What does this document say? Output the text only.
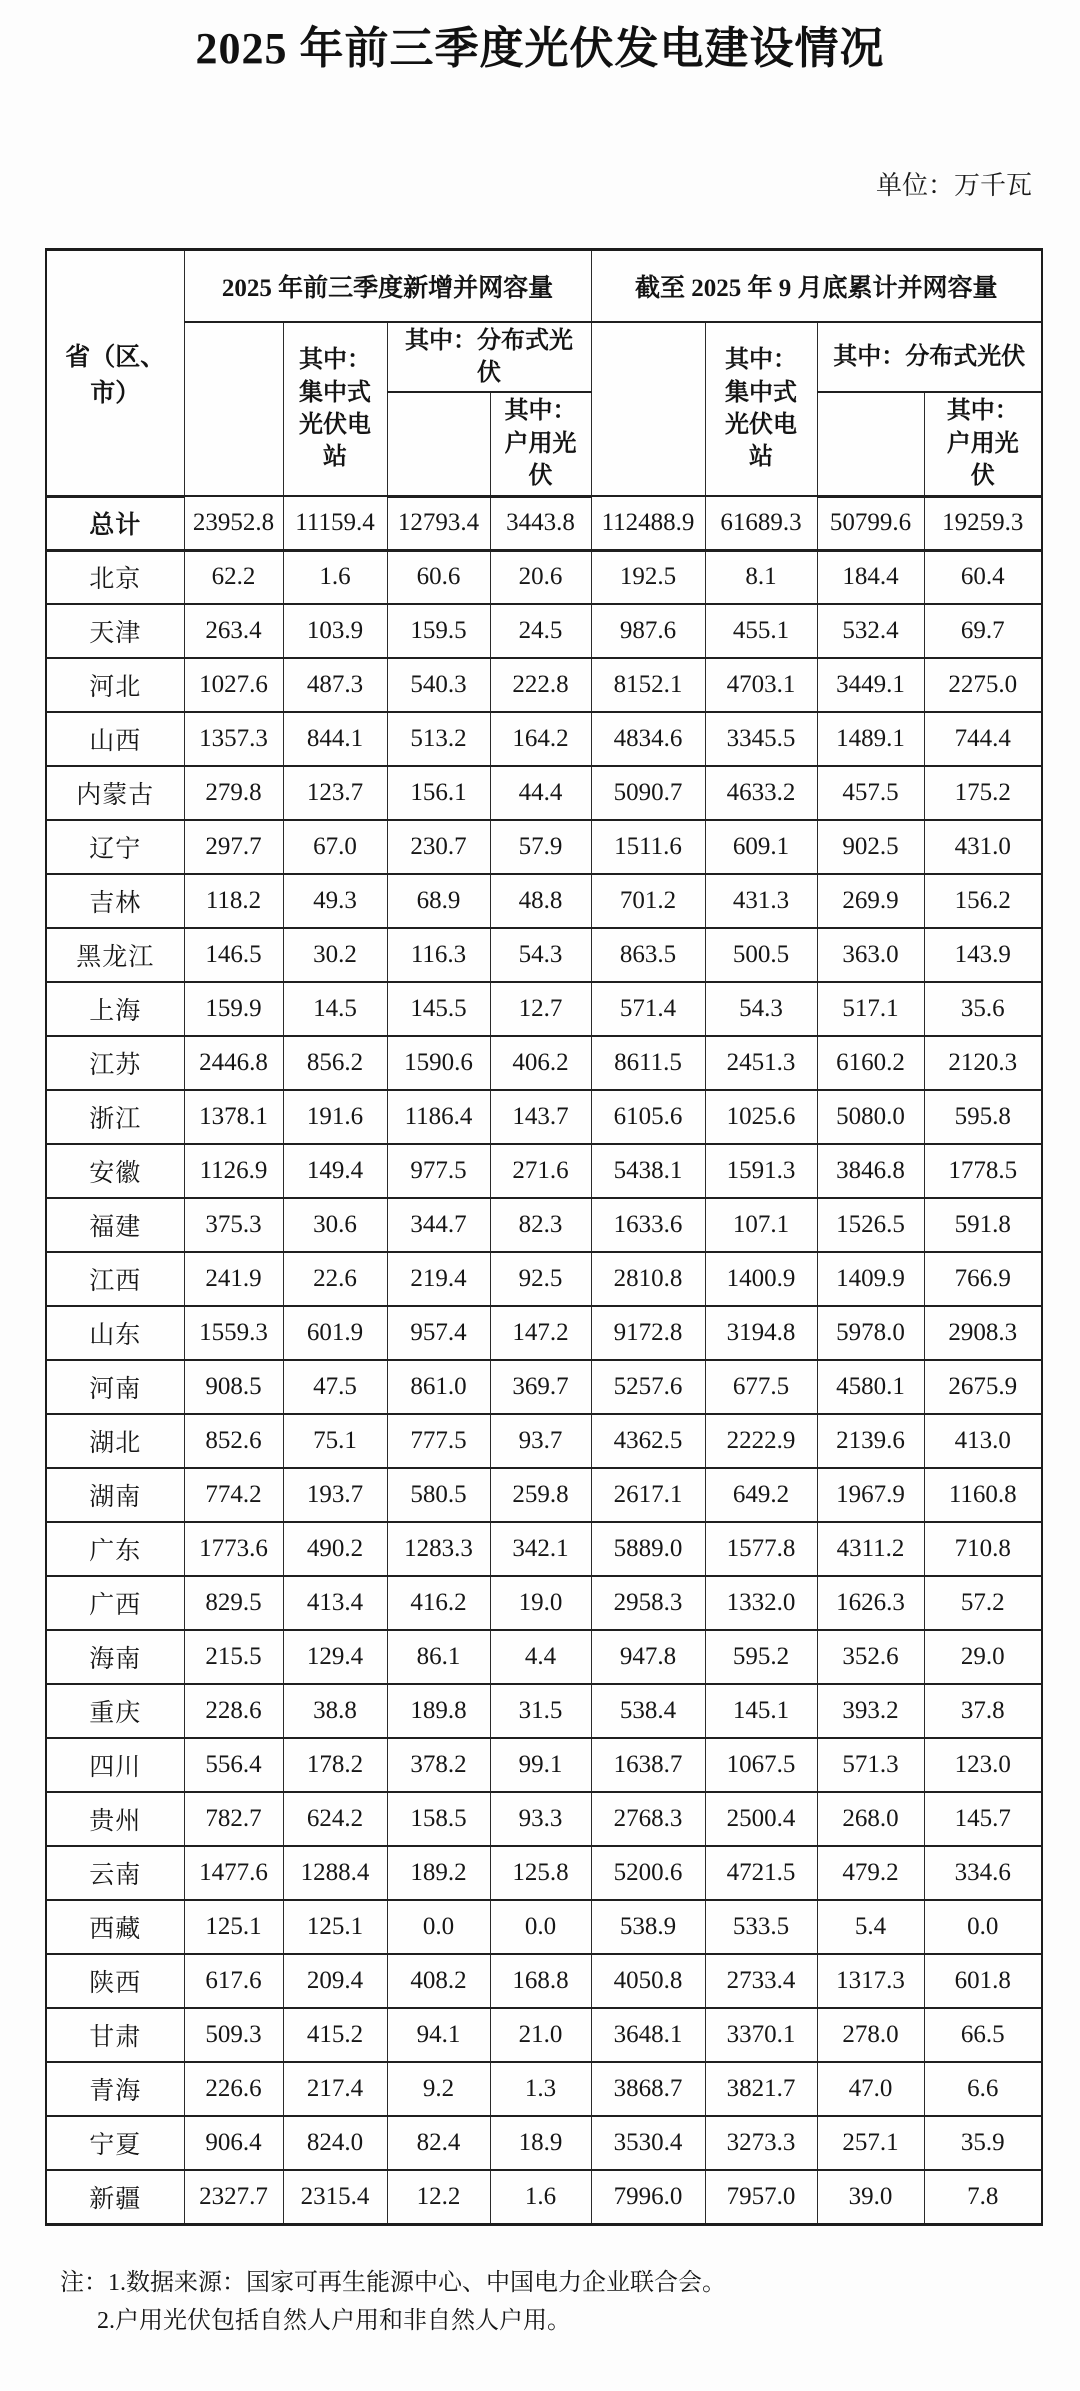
2025 年前三季度光伏发电建设情况
单位：万千瓦
省（区、市）	2025 年前三季度新增并网容量				截至 2025 年 9 月底累计并网容量			
		其中：集中式光伏电站	其中：分布式光伏			其中：集中式光伏电站	其中：分布式光伏	
				其中：户用光伏				其中：户用光伏
总计	23952.8	11159.4	12793.4	3443.8	112488.9	61689.3	50799.6	19259.3
北京	62.2	1.6	60.6	20.6	192.5	8.1	184.4	60.4
天津	263.4	103.9	159.5	24.5	987.6	455.1	532.4	69.7
河北	1027.6	487.3	540.3	222.8	8152.1	4703.1	3449.1	2275.0
山西	1357.3	844.1	513.2	164.2	4834.6	3345.5	1489.1	744.4
内蒙古	279.8	123.7	156.1	44.4	5090.7	4633.2	457.5	175.2
辽宁	297.7	67.0	230.7	57.9	1511.6	609.1	902.5	431.0
吉林	118.2	49.3	68.9	48.8	701.2	431.3	269.9	156.2
黑龙江	146.5	30.2	116.3	54.3	863.5	500.5	363.0	143.9
上海	159.9	14.5	145.5	12.7	571.4	54.3	517.1	35.6
江苏	2446.8	856.2	1590.6	406.2	8611.5	2451.3	6160.2	2120.3
浙江	1378.1	191.6	1186.4	143.7	6105.6	1025.6	5080.0	595.8
安徽	1126.9	149.4	977.5	271.6	5438.1	1591.3	3846.8	1778.5
福建	375.3	30.6	344.7	82.3	1633.6	107.1	1526.5	591.8
江西	241.9	22.6	219.4	92.5	2810.8	1400.9	1409.9	766.9
山东	1559.3	601.9	957.4	147.2	9172.8	3194.8	5978.0	2908.3
河南	908.5	47.5	861.0	369.7	5257.6	677.5	4580.1	2675.9
湖北	852.6	75.1	777.5	93.7	4362.5	2222.9	2139.6	413.0
湖南	774.2	193.7	580.5	259.8	2617.1	649.2	1967.9	1160.8
广东	1773.6	490.2	1283.3	342.1	5889.0	1577.8	4311.2	710.8
广西	829.5	413.4	416.2	19.0	2958.3	1332.0	1626.3	57.2
海南	215.5	129.4	86.1	4.4	947.8	595.2	352.6	29.0
重庆	228.6	38.8	189.8	31.5	538.4	145.1	393.2	37.8
四川	556.4	178.2	378.2	99.1	1638.7	1067.5	571.3	123.0
贵州	782.7	624.2	158.5	93.3	2768.3	2500.4	268.0	145.7
云南	1477.6	1288.4	189.2	125.8	5200.6	4721.5	479.2	334.6
西藏	125.1	125.1	0.0	0.0	538.9	533.5	5.4	0.0
陕西	617.6	209.4	408.2	168.8	4050.8	2733.4	1317.3	601.8
甘肃	509.3	415.2	94.1	21.0	3648.1	3370.1	278.0	66.5
青海	226.6	217.4	9.2	1.3	3868.7	3821.7	47.0	6.6
宁夏	906.4	824.0	82.4	18.9	3530.4	3273.3	257.1	35.9
新疆	2327.7	2315.4	12.2	1.6	7996.0	7957.0	39.0	7.8
注：1.数据来源：国家可再生能源中心、中国电力企业联合会。
2.户用光伏包括自然人户用和非自然人户用。
